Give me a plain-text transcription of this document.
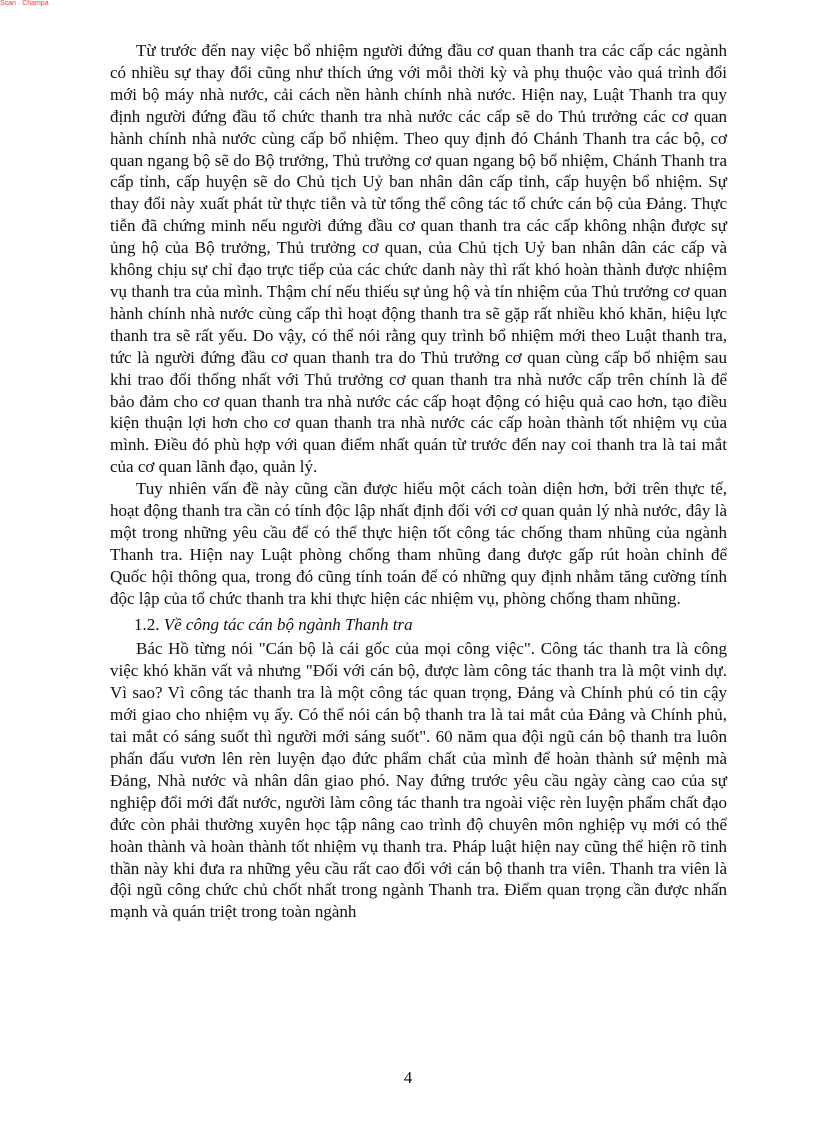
Scan · Champa

Từ trước đến nay việc bổ nhiệm người đứng đầu cơ quan thanh tra các cấp các ngành có nhiều sự thay đổi cũng như thích ứng với mỗi thời kỳ và phụ thuộc vào quá trình đổi mới bộ máy nhà nước, cải cách nền hành chính nhà nước. Hiện nay, Luật Thanh tra quy định người đứng đầu tổ chức thanh tra nhà nước các cấp sẽ do Thủ trưởng các cơ quan hành chính nhà nước cùng cấp bổ nhiệm. Theo quy định đó Chánh Thanh tra các bộ, cơ quan ngang bộ sẽ do Bộ trưởng, Thủ trưởng cơ quan ngang bộ bổ nhiệm, Chánh Thanh tra cấp tỉnh, cấp huyện sẽ do Chủ tịch Uỷ ban nhân dân cấp tỉnh, cấp huyện bổ nhiệm. Sự thay đổi này xuất phát từ thực tiễn và từ tổng thể công tác tổ chức cán bộ của Đảng. Thực tiễn đã chứng minh nếu người đứng đầu cơ quan thanh tra các cấp không nhận được sự ủng hộ của Bộ trưởng, Thủ trưởng cơ quan, của Chủ tịch Uỷ ban nhân dân các cấp và không chịu sự chỉ đạo trực tiếp của các chức danh này thì rất khó hoàn thành được nhiệm vụ thanh tra của mình. Thậm chí nếu thiếu sự ủng hộ và tín nhiệm của Thủ trưởng cơ quan hành chính nhà nước cùng cấp thì hoạt động thanh tra sẽ gặp rất nhiều khó khăn, hiệu lực thanh tra sẽ rất yếu. Do vậy, có thể nói rằng quy trình bổ nhiệm mới theo Luật thanh tra, tức là người đứng đầu cơ quan thanh tra do Thủ trưởng cơ quan cùng cấp bổ nhiệm sau khi trao đổi thống nhất với Thủ trưởng cơ quan thanh tra nhà nước cấp trên chính là để bảo đảm cho cơ quan thanh tra nhà nước các cấp hoạt động có hiệu quả cao hơn, tạo điều kiện thuận lợi hơn cho cơ quan thanh tra nhà nước các cấp hoàn thành tốt nhiệm vụ của mình. Điều đó phù hợp với quan điểm nhất quán từ trước đến nay coi thanh tra là tai mắt của cơ quan lãnh đạo, quản lý.

Tuy nhiên vấn đề này cũng cần được hiểu một cách toàn diện hơn, bởi trên thực tế, hoạt động thanh tra cần có tính độc lập nhất định đối với cơ quan quản lý nhà nước, đây là một trong những yêu cầu để có thể thực hiện tốt công tác chống tham nhũng của ngành Thanh tra. Hiện nay Luật phòng chống tham nhũng đang được gấp rút hoàn chỉnh để Quốc hội thông qua, trong đó cũng tính toán để có những quy định nhằm tăng cường tính độc lập của tổ chức thanh tra khi thực hiện các nhiệm vụ, phòng chống tham nhũng.

1.2. Về công tác cán bộ ngành Thanh tra

Bác Hồ từng nói "Cán bộ là cái gốc của mọi công việc". Công tác thanh tra là công việc khó khăn vất vả nhưng "Đối với cán bộ, được làm công tác thanh tra là một vinh dự. Vì sao? Vì công tác thanh tra là một công tác quan trọng, Đảng và Chính phủ có tin cậy mới giao cho nhiệm vụ ấy. Có thể nói cán bộ thanh tra là tai mắt của Đảng và Chính phủ, tai mắt có sáng suốt thì người mới sáng suốt". 60 năm qua đội ngũ cán bộ thanh tra luôn phấn đấu vươn lên rèn luyện đạo đức phẩm chất của mình để hoàn thành sứ mệnh mà Đảng, Nhà nước và nhân dân giao phó. Nay đứng trước yêu cầu ngày càng cao của sự nghiệp đổi mới đất nước, người làm công tác thanh tra ngoài việc rèn luyện phẩm chất đạo đức còn phải thường xuyên học tập nâng cao trình độ chuyên môn nghiệp vụ mới có thể hoàn thành và hoàn thành tốt nhiệm vụ thanh tra. Pháp luật hiện nay cũng thể hiện rõ tinh thần này khi đưa ra những yêu cầu rất cao đối với cán bộ thanh tra viên. Thanh tra viên là đội ngũ công chức chủ chốt nhất trong ngành Thanh tra. Điểm quan trọng cần được nhấn mạnh và quán triệt trong toàn ngành

4
